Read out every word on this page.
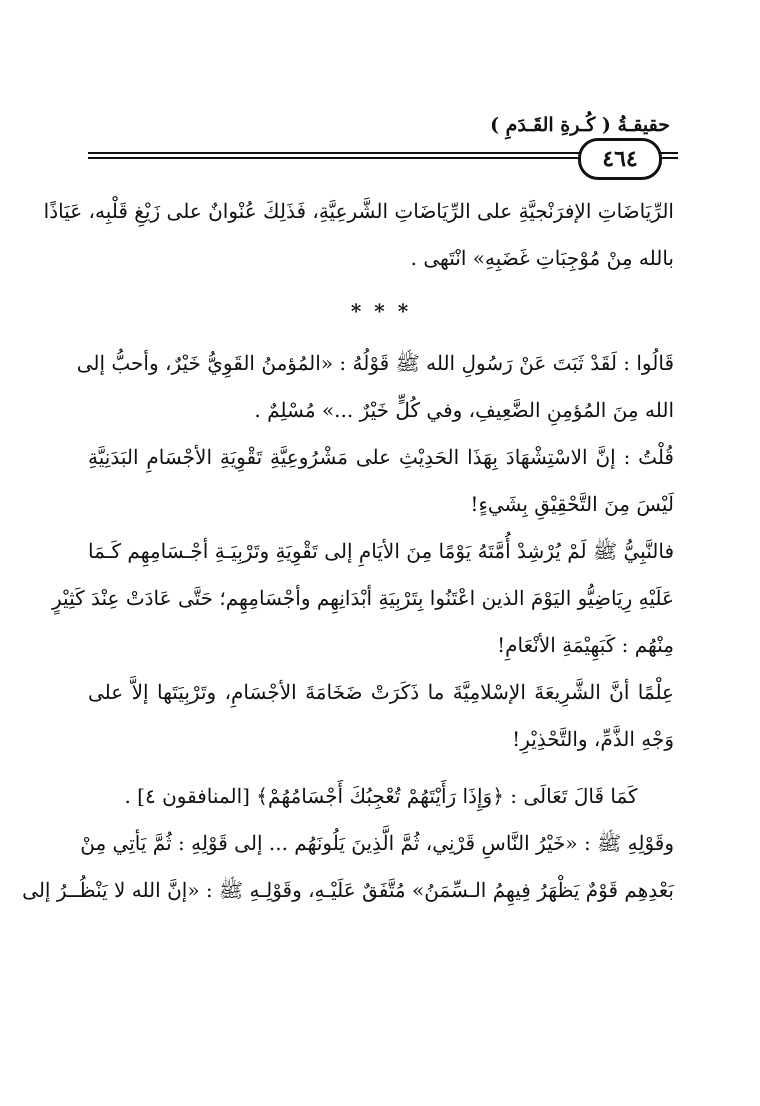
حقيقـةُ ( كُـرةِ القَـدَمِ )
٤٦٤
الرِّيَاضَاتِ الإفرَنْجيَّةِ على الرِّيَاضَاتِ الشَّرعِيَّةِ، فَذَلِكَ عُنْوانٌ على زَيْغِ قَلْبِه، عَيَاذًا
بالله مِنْ مُوْجِبَاتِ غَضَبِهِ» انْتَهى .
* * *
قَالُوا : لَقَدْ ثَبَتَ عَنْ رَسُولِ الله ﷺ قَوْلُهُ : «المُؤمنُ القَوِيُّ خَيْرٌ، وأحبُّ إلى
الله مِنَ المُؤمِنِ الضَّعِيفِ، وفي كُلٍّ خَيْرٌ ...» مُسْلِمٌ .
قُلْتُ : إنَّ الاسْتِشْهَادَ بِهَذَا الحَدِيْثِ على مَشْرُوعِيَّةِ تَقْوِيَةِ الأجْسَامِ البَدَنِيَّةِ
لَيْسَ مِنَ التَّحْقِيْقِ بِشَيءٍ!
فالنَّبِيُّ ﷺ لَمْ يُرْشِدْ أُمَّتَهُ يَوْمًا مِنَ الأيَامِ إلى تَقْوِيَةِ وتَرْبِيَـةِ أجْـسَامِهِم كَـمَا
عَلَيْهِ رِيَاضِيُّو اليَوْمَ الذين اعْتَنُوا بِتَرْبِيَةِ أبْدَانِهِم وأجْسَامِهِم؛ حَتَّى عَادَتْ عِنْدَ كَثِيْرٍ
مِنْهُم : كَبَهِيْمَةِ الأنْعَامِ!
عِلْمًا أنَّ الشَّرِيعَةَ الإسْلامِيَّةَ ما ذَكَرَتْ ضَخَامَةَ الأجْسَامِ، وتَرْبِيَتَها إلاَّ على
وَجْهِ الذَّمِّ، والتَّحْذِيْرِ!
كَمَا قَالَ تَعَالَى : ﴿وَإِذَا رَأَيْتَهُمْ تُعْجِبُكَ أَجْسَامُهُمْ﴾ [المنافقون ٤] .
وقَوْلِهِ ﷺ : «خَيْرُ النَّاسِ قَرْنِي، ثُمَّ الَّذِينَ يَلُونَهُم ... إلى قَوْلِهِ : ثُمَّ يَأتِي مِنْ
بَعْدِهِم قَوْمٌ يَظْهَرُ فِيهِمُ الـسِّمَنُ» مُتَّفَقٌ عَلَيْـهِ، وقَوْلِـهِ ﷺ : «إنَّ الله لا يَنْظُــرُ إلى
